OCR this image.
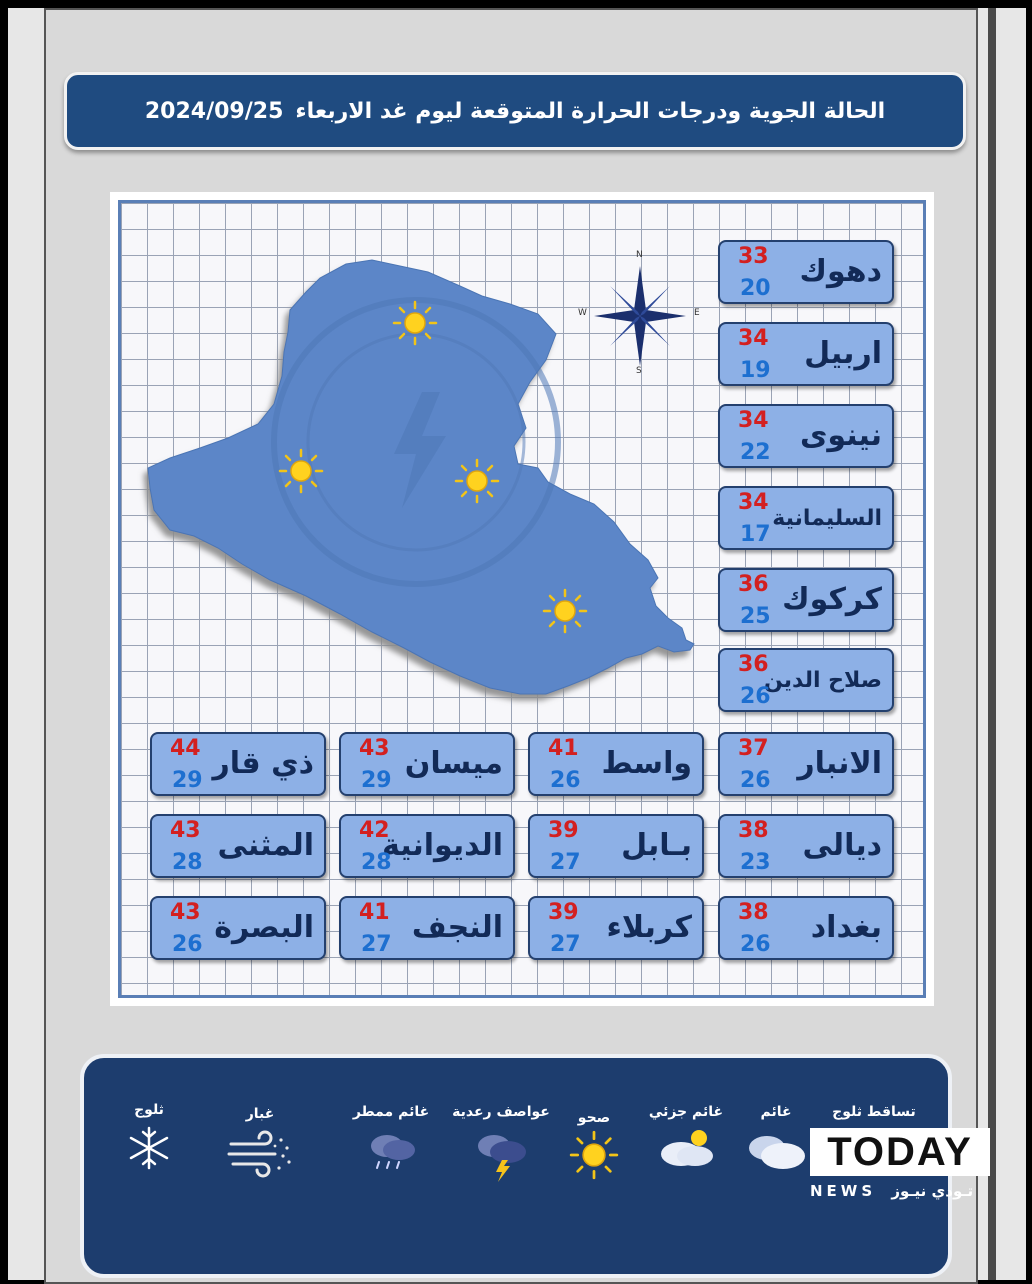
الحالة الجوية ودرجات الحرارة المتوقعة ليوم غد الاربعاء
2024/09/25
N
S
W	E
دهوك
33
20
اربيل
34
19
نينوى
34
22
السليمانية
34
17
كركوك
36
25
صلاح الدين
36
26
ذي قار
44
29	ميسان
43
29	واسط
41
26	الانبار
37
26
المثنى
43
28	الديوانية
42
28	بـابل
39
27	ديالى
38
23
البصرة
43
26	النجف
41
27	كربلاء
39
27	بغداد
38
26
ثلوج	غبار	غائم ممطر	عواصف رعدية	صحو	غائم جزئي	غائم	تساقط ثلوج
TODAY
NEWS تـودي نيـوز
